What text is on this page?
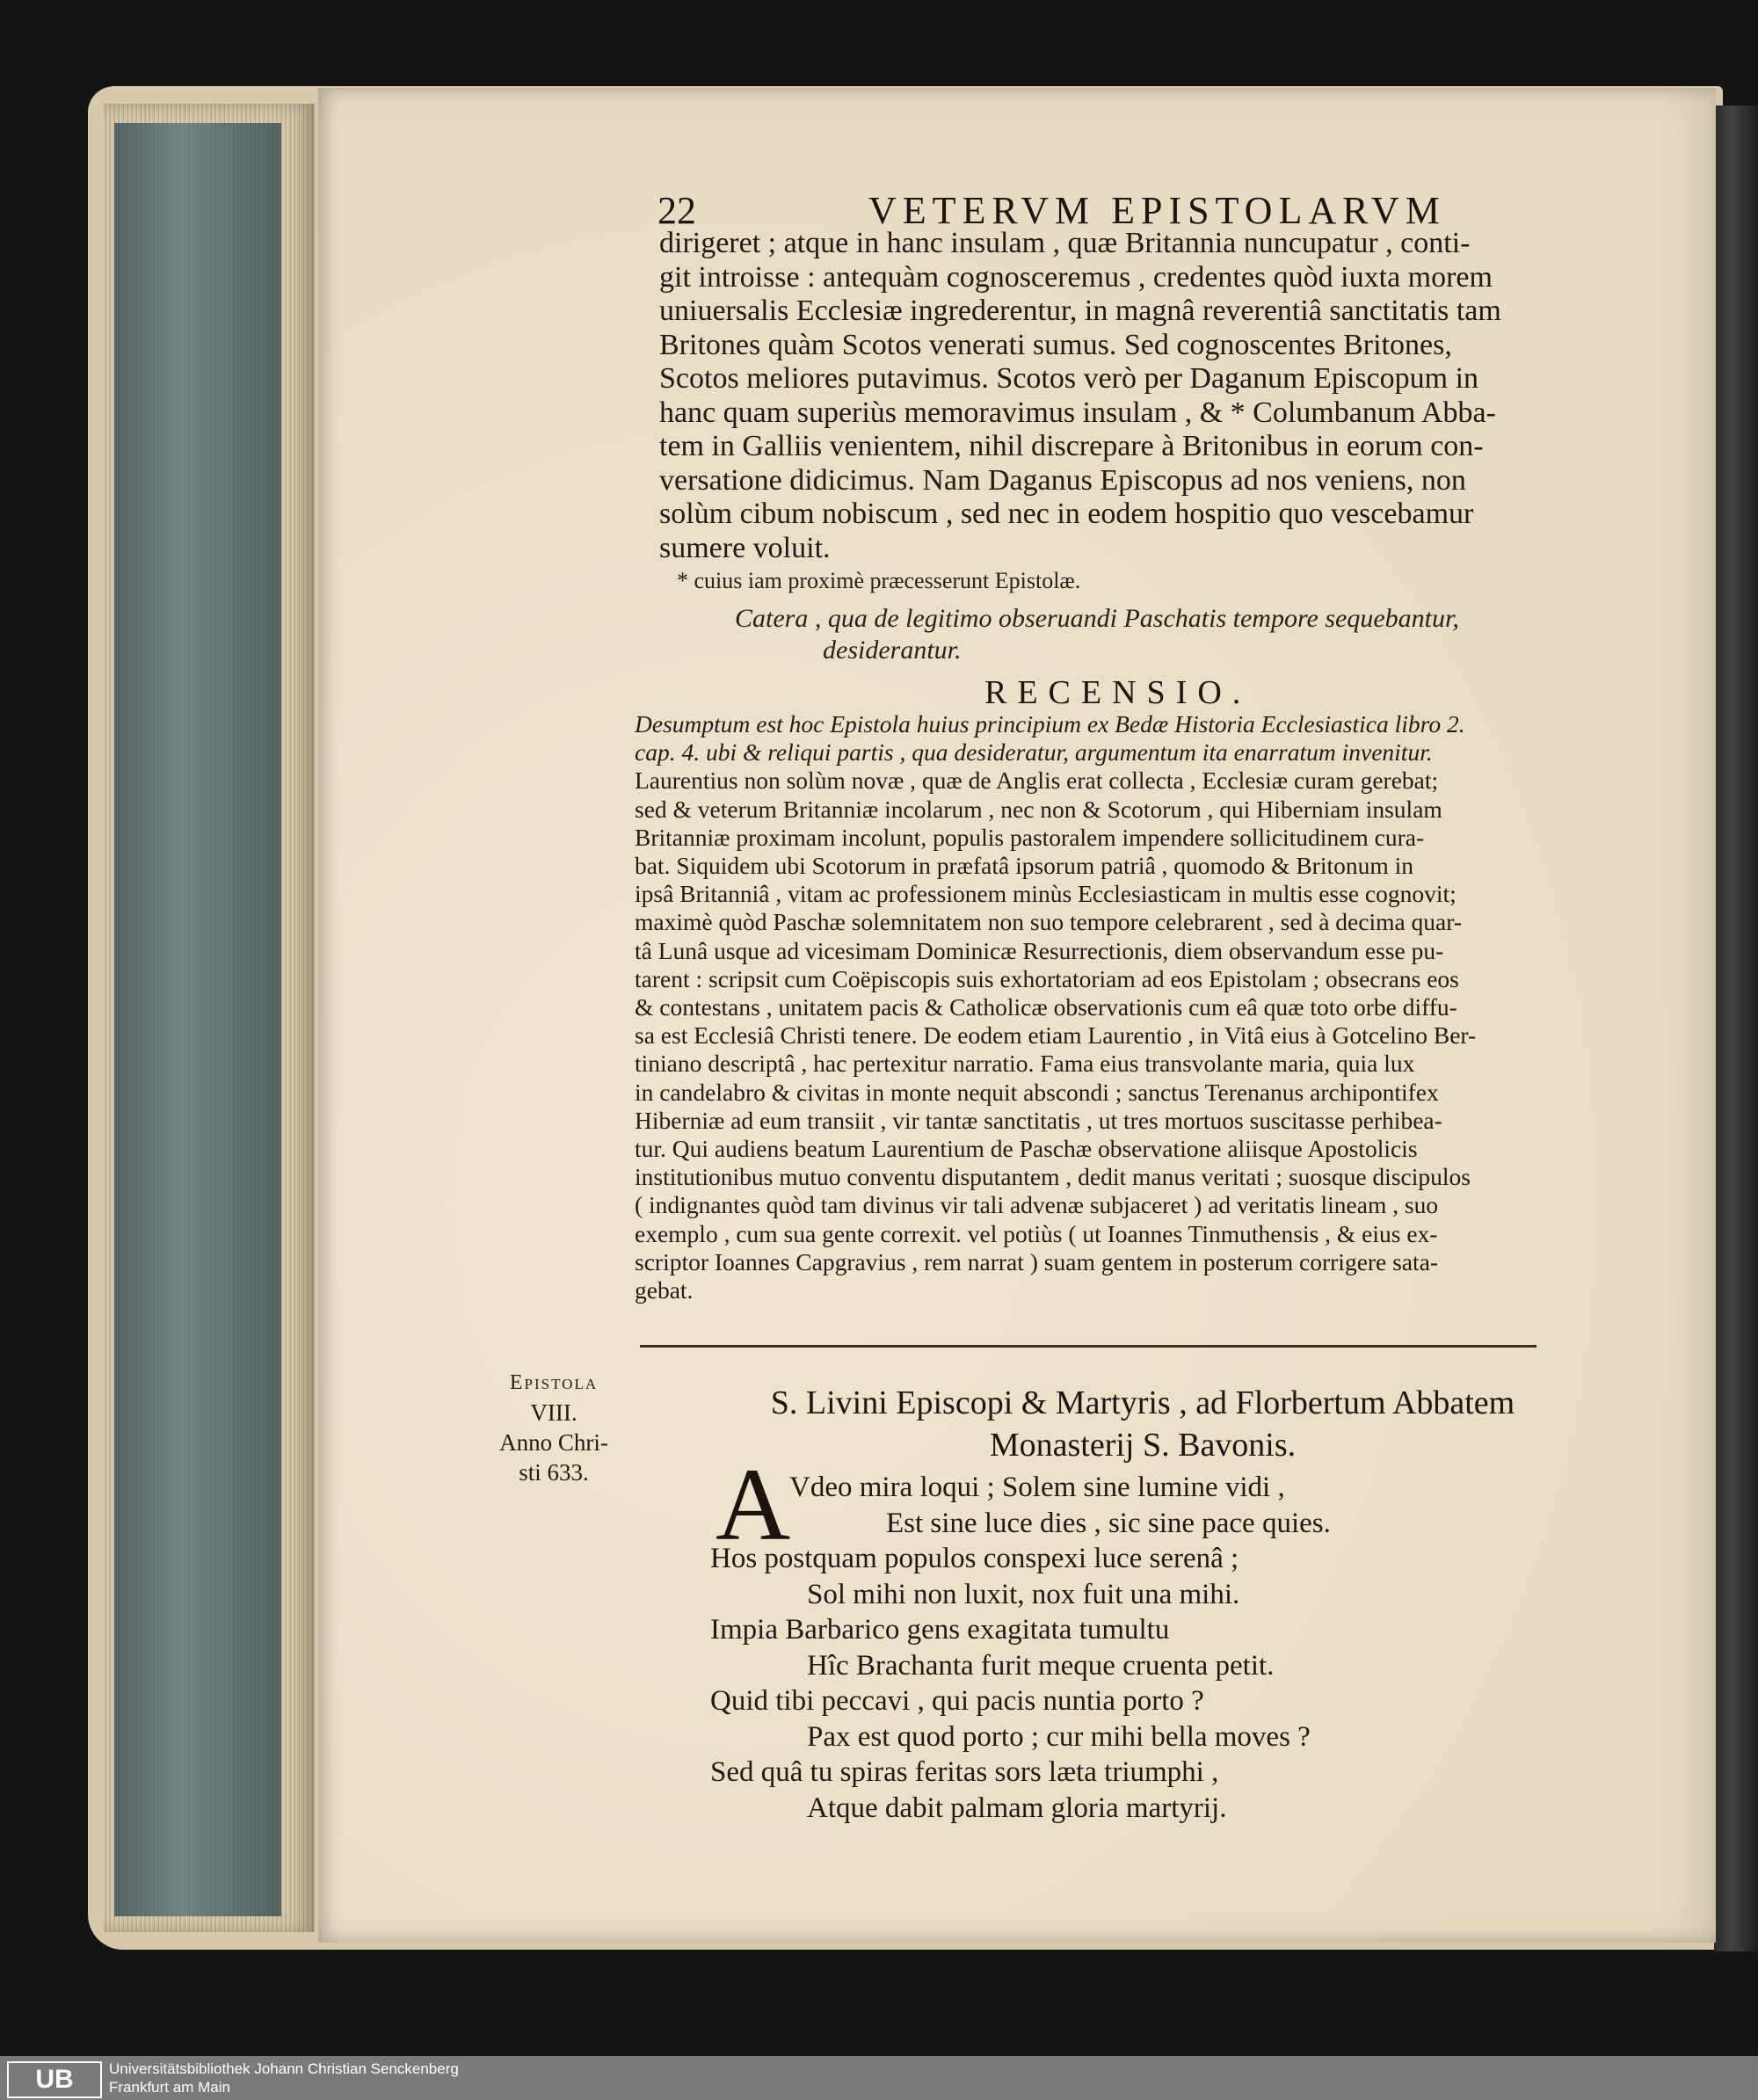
22	VETERVM EPISTOLARVM
dirigeret ; atque in hanc insulam , quæ Britannia nuncupatur , conti-
git introisse : antequàm cognosceremus , credentes quòd iuxta morem
uniuersalis Ecclesiæ ingrederentur, in magnâ reverentiâ sanctitatis tam
Britones quàm Scotos venerati sumus. Sed cognoscentes Britones,
Scotos meliores putavimus. Scotos verò per Daganum Episcopum in
hanc quam superiùs memoravimus insulam , & * Columbanum Abba-
tem in Galliis venientem, nihil discrepare à Britonibus in eorum con-
versatione didicimus. Nam Daganus Episcopus ad nos veniens, non
solùm cibum nobiscum , sed nec in eodem hospitio quo vescebamur
sumere voluit.
* cuius iam proximè præcesserunt Epistolæ.
Catera , qua de legitimo obseruandi Paschatis tempore sequebantur,
desiderantur.
RECENSIO.
Desumptum est hoc Epistola huius principium ex Bedæ Historia Ecclesiastica libro 2.
cap. 4. ubi & reliqui partis , qua desideratur, argumentum ita enarratum invenitur.
Laurentius non solùm novæ , quæ de Anglis erat collecta , Ecclesiæ curam gerebat;
sed & veterum Britanniæ incolarum , nec non & Scotorum , qui Hiberniam insulam
Britanniæ proximam incolunt, populis pastoralem impendere sollicitudinem cura-
bat. Siquidem ubi Scotorum in præfatâ ipsorum patriâ , quomodo & Britonum in
ipsâ Britanniâ , vitam ac professionem minùs Ecclesiasticam in multis esse cognovit;
maximè quòd Paschæ solemnitatem non suo tempore celebrarent , sed à decima quar-
tâ Lunâ usque ad vicesimam Dominicæ Resurrectionis, diem observandum esse pu-
tarent : scripsit cum Coëpiscopis suis exhortatoriam ad eos Epistolam ; obsecrans eos
& contestans , unitatem pacis & Catholicæ observationis cum eâ quæ toto orbe diffu-
sa est Ecclesiâ Christi tenere. De eodem etiam Laurentio , in Vitâ eius à Gotcelino Ber-
tiniano descriptâ , hac pertexitur narratio. Fama eius transvolante maria, quia lux
in candelabro & civitas in monte nequit abscondi ; sanctus Terenanus archipontifex
Hiberniæ ad eum transiit , vir tantæ sanctitatis , ut tres mortuos suscitasse perhibea-
tur. Qui audiens beatum Laurentium de Paschæ observatione aliisque Apostolicis
institutionibus mutuo conventu disputantem , dedit manus veritati ; suosque discipulos
( indignantes quòd tam divinus vir tali advenæ subjaceret ) ad veritatis lineam , suo
exemplo , cum sua gente correxit. vel potiùs ( ut Ioannes Tinmuthensis , & eius ex-
scriptor Ioannes Capgravius , rem narrat ) suam gentem in posterum corrigere sata-
gebat.
Epistola
VIII.
Anno Chri-
sti 633.
S. Livini Episcopi & Martyris , ad Florbertum Abbatem
Monasterij S. Bavonis.
A
Vdeo mira loqui ; Solem sine lumine vidi ,
Est sine luce dies , sic sine pace quies.
Hos postquam populos conspexi luce serenâ ;
Sol mihi non luxit, nox fuit una mihi.
Impia Barbarico gens exagitata tumultu
Hîc Brachanta furit meque cruenta petit.
Quid tibi peccavi , qui pacis nuntia porto ?
Pax est quod porto ; cur mihi bella moves ?
Sed quâ tu spiras feritas sors læta triumphi ,
Atque dabit palmam gloria martyrij.
UB	Universitätsbibliothek Johann Christian Senckenberg
Frankfurt am Main
